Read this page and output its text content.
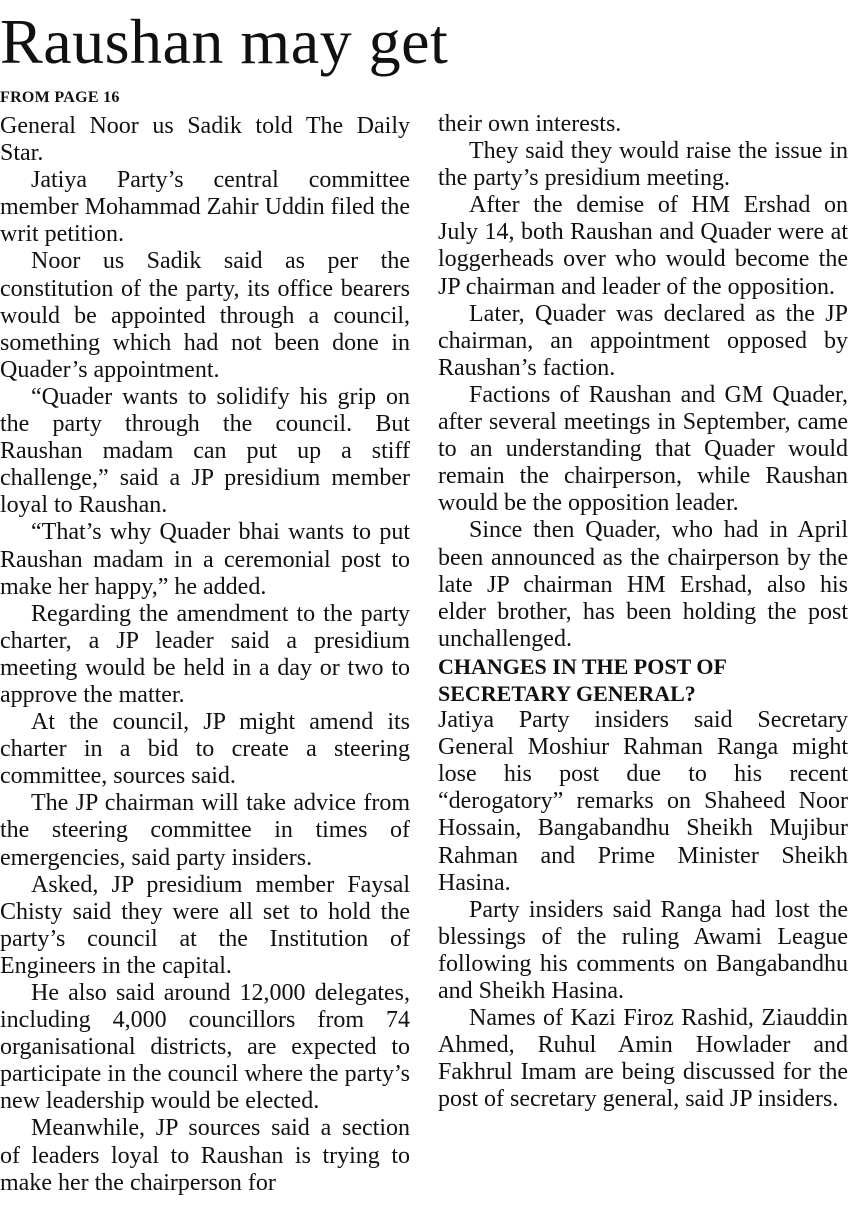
Raushan may get
FROM PAGE 16

General Noor us Sadik told The Daily Star.

Jatiya Party’s central committee member Mohammad Zahir Uddin filed the writ petition.

Noor us Sadik said as per the constitution of the party, its office bearers would be appointed through a council, something which had not been done in Quader’s appointment.

“Quader wants to solidify his grip on the party through the council. But Raushan madam can put up a stiff challenge,” said a JP presidium member loyal to Raushan.

“That’s why Quader bhai wants to put Raushan madam in a ceremonial post to make her happy,” he added.

Regarding the amendment to the party charter, a JP leader said a presidium meeting would be held in a day or two to approve the matter.

At the council, JP might amend its charter in a bid to create a steering committee, sources said.

The JP chairman will take advice from the steering committee in times of emergencies, said party insiders.

Asked, JP presidium member Faysal Chisty said they were all set to hold the party’s council at the Institution of Engineers in the capital.

He also said around 12,000 delegates, including 4,000 councillors from 74 organisational districts, are expected to participate in the council where the party’s new leadership would be elected.

Meanwhile, JP sources said a section of leaders loyal to Raushan is trying to make her the chairperson for

their own interests.

They said they would raise the issue in the party’s presidium meeting.

After the demise of HM Ershad on July 14, both Raushan and Quader were at loggerheads over who would become the JP chairman and leader of the opposition.

Later, Quader was declared as the JP chairman, an appointment opposed by Raushan’s faction.

Factions of Raushan and GM Quader, after several meetings in September, came to an understanding that Quader would remain the chairperson, while Raushan would be the opposition leader.

Since then Quader, who had in April been announced as the chairperson by the late JP chairman HM Ershad, also his elder brother, has been holding the post unchallenged.

CHANGES IN THE POST OF SECRETARY GENERAL?

Jatiya Party insiders said Secretary General Moshiur Rahman Ranga might lose his post due to his recent “derogatory” remarks on Shaheed Noor Hossain, Bangabandhu Sheikh Mujibur Rahman and Prime Minister Sheikh Hasina.

Party insiders said Ranga had lost the blessings of the ruling Awami League following his comments on Bangabandhu and Sheikh Hasina.

Names of Kazi Firoz Rashid, Ziauddin Ahmed, Ruhul Amin Howlader and Fakhrul Imam are being discussed for the post of secretary general, said JP insiders.
